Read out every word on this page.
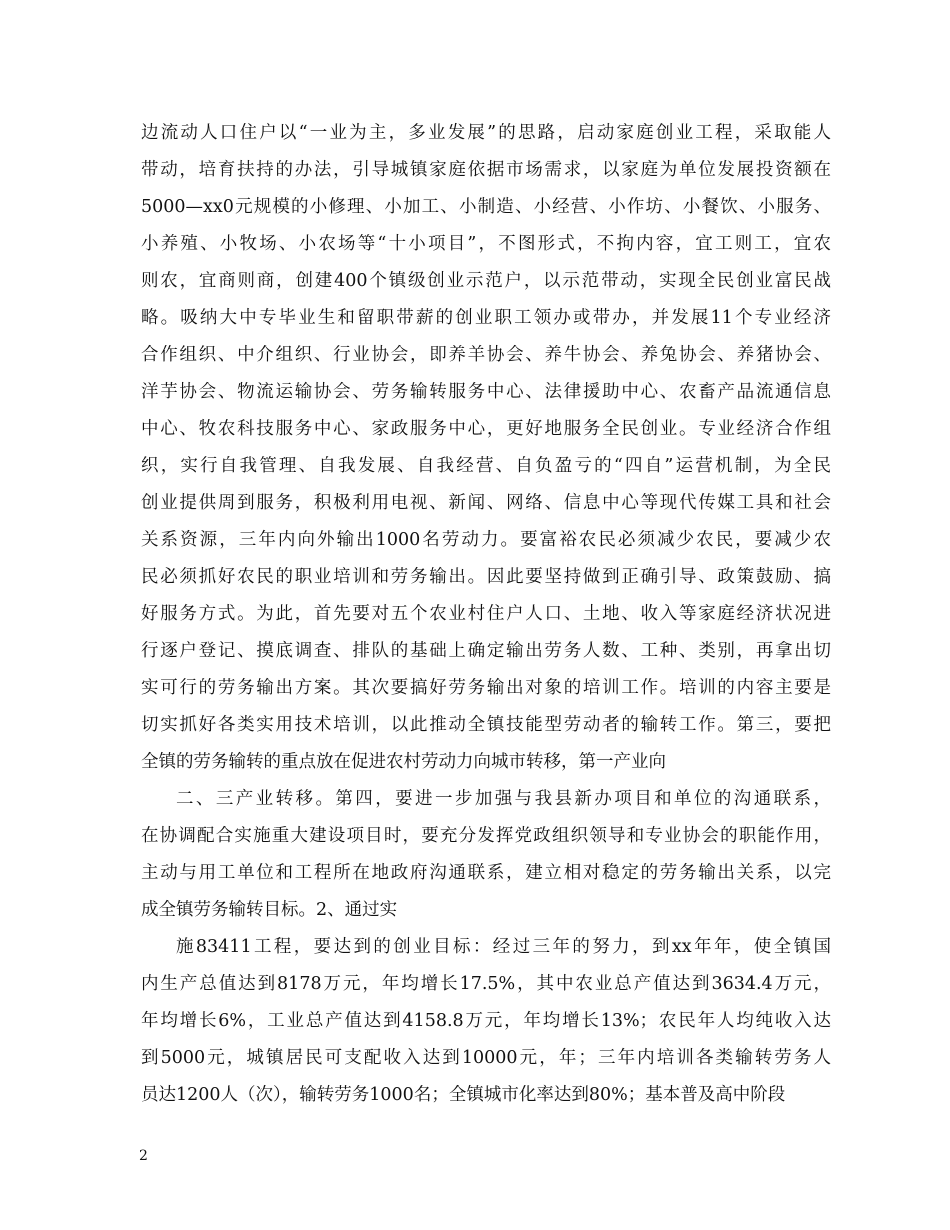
边流动人口住户以“一业为主，多业发展”的思路，启动家庭创业工程，采取能人
带动，培育扶持的办法，引导城镇家庭依据市场需求，以家庭为单位发展投资额在
5000—xx0元规模的小修理、小加工、小制造、小经营、小作坊、小餐饮、小服务、
小养殖、小牧场、小农场等“十小项目”，不图形式，不拘内容，宜工则工，宜农
则农，宜商则商，创建400个镇级创业示范户，以示范带动，实现全民创业富民战
略。吸纳大中专毕业生和留职带薪的创业职工领办或带办，并发展11个专业经济
合作组织、中介组织、行业协会，即养羊协会、养牛协会、养兔协会、养猪协会、
洋芋协会、物流运输协会、劳务输转服务中心、法律援助中心、农畜产品流通信息
中心、牧农科技服务中心、家政服务中心，更好地服务全民创业。专业经济合作组
织，实行自我管理、自我发展、自我经营、自负盈亏的“四自”运营机制，为全民
创业提供周到服务，积极利用电视、新闻、网络、信息中心等现代传媒工具和社会
关系资源，三年内向外输出1000名劳动力。要富裕农民必须减少农民，要减少农
民必须抓好农民的职业培训和劳务输出。因此要坚持做到正确引导、政策鼓励、搞
好服务方式。为此，首先要对五个农业村住户人口、土地、收入等家庭经济状况进
行逐户登记、摸底调查、排队的基础上确定输出劳务人数、工种、类别，再拿出切
实可行的劳务输出方案。其次要搞好劳务输出对象的培训工作。培训的内容主要是
切实抓好各类实用技术培训，以此推动全镇技能型劳动者的输转工作。第三，要把
全镇的劳务输转的重点放在促进农村劳动力向城市转移，第一产业向
二、三产业转移。第四，要进一步加强与我县新办项目和单位的沟通联系，
在协调配合实施重大建设项目时，要充分发挥党政组织领导和专业协会的职能作用，
主动与用工单位和工程所在地政府沟通联系，建立相对稳定的劳务输出关系，以完
成全镇劳务输转目标。2、通过实
施83411工程，要达到的创业目标：经过三年的努力，到xx年年，使全镇国
内生产总值达到8178万元，年均增长17.5%，其中农业总产值达到3634.4万元，
年均增长6%，工业总产值达到4158.8万元，年均增长13%；农民年人均纯收入达
到5000元，城镇居民可支配收入达到10000元，年；三年内培训各类输转劳务人
员达1200人（次），输转劳务1000名；全镇城市化率达到80%；基本普及高中阶段
2
